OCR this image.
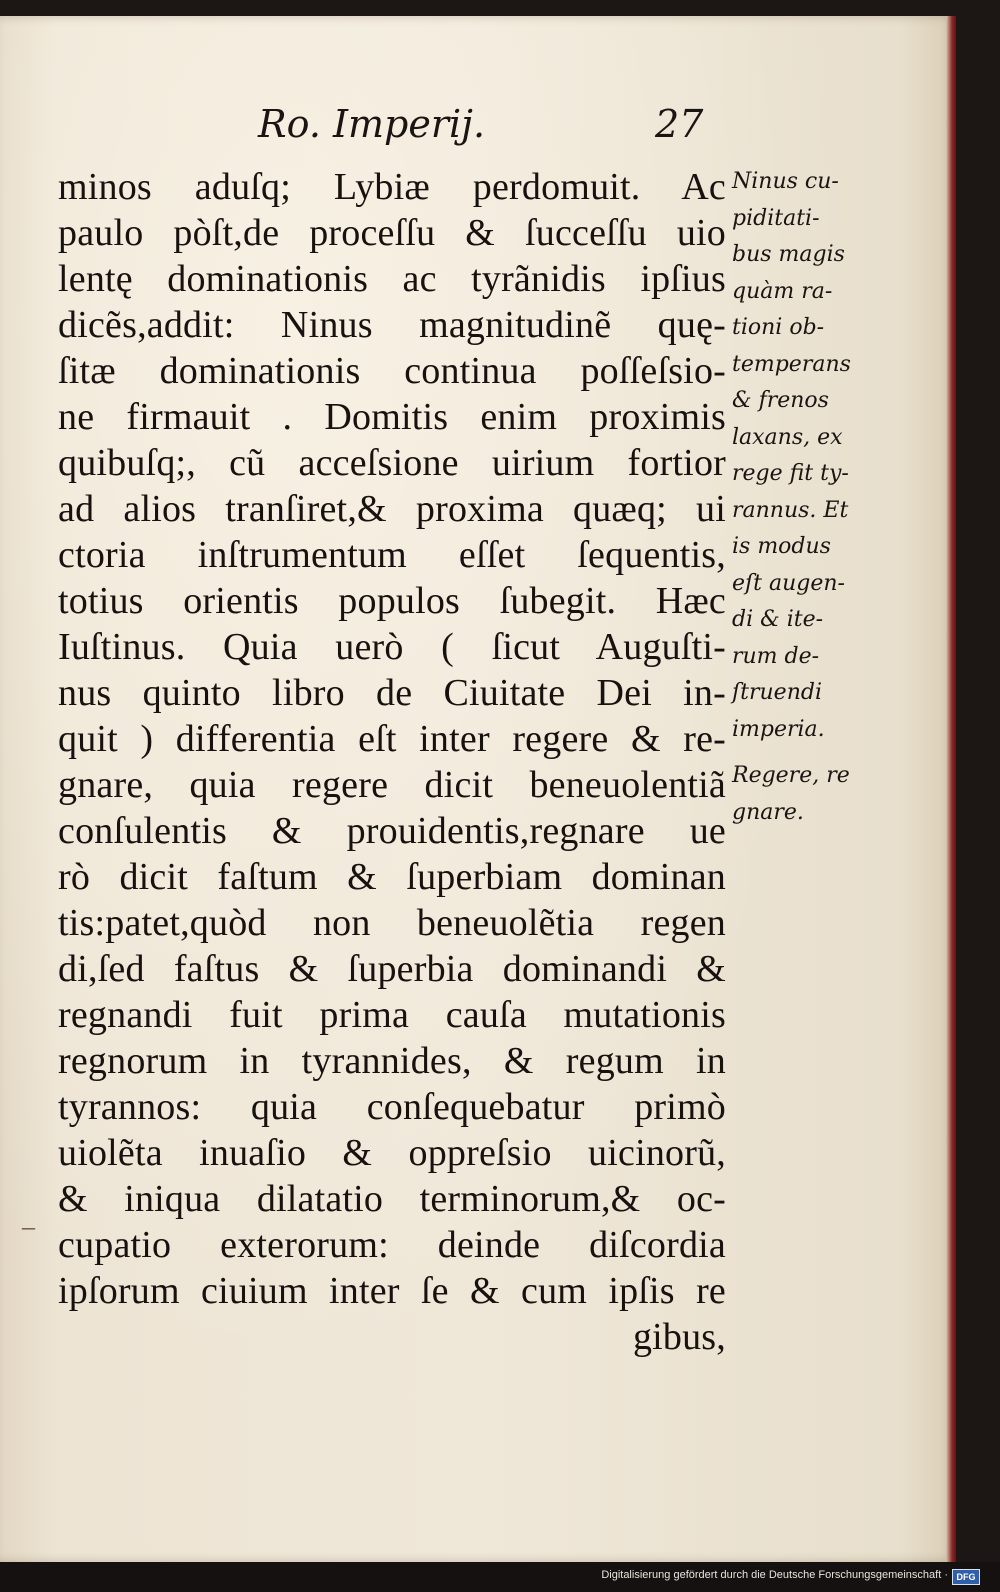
Ro. Imperij.	27
minos aduſq; Lybiæ perdomuit. Ac
paulo pòſt,de proceſſu & ſucceſſu uio
lentę dominationis ac tyrãnidis ipſius
dicẽs,addit: Ninus magnitudinẽ quę-
ſitæ dominationis continua poſſeſsio-
ne firmauit . Domitis enim proximis
quibuſq;, cũ acceſsione uirium fortior
ad alios tranſiret,& proxima quæq; ui
ctoria inſtrumentum eſſet ſequentis,
totius orientis populos ſubegit. Hæc
Iuſtinus. Quia uerò ( ſicut Auguſti-
nus quinto libro de Ciuitate Dei in-
quit ) differentia eſt inter regere & re-
gnare, quia regere dicit beneuolentiã
conſulentis & prouidentis,regnare ue
rò dicit faſtum & ſuperbiam dominan
tis:patet,quòd non beneuolẽtia regen
di,ſed faſtus & ſuperbia dominandi &
regnandi fuit prima cauſa mutationis
regnorum in tyrannides, & regum in
tyrannos: quia conſequebatur primò
uiolẽta inuaſio & oppreſsio uicinorũ,
& iniqua dilatatio terminorum,& oc-
cupatio exterorum: deinde diſcordia
ipſorum ciuium inter ſe & cum ipſis re
gibus,
Ninus cu-
piditati-
bus magis
quàm ra-
tioni ob-
temperans
& frenos
laxans, ex
rege fit ty-
rannus. Et
is modus
eſt augen-
di & ite-
rum de-
ſtruendi
imperia.
Regere, re
gnare.
–
Digitalisierung gefördert durch die Deutsche Forschungsgemeinschaft · DFG
